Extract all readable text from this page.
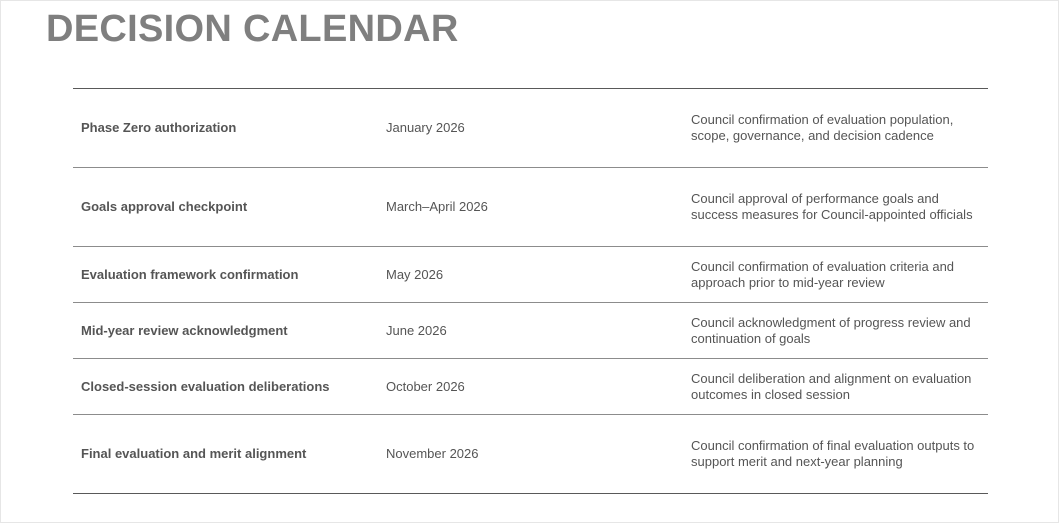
DECISION CALENDAR
Phase Zero authorization	January 2026
Council confirmation of evaluation population,
scope, governance, and decision cadence
Goals approval checkpoint	March–April 2026
Council approval of performance goals and
success measures for Council-appointed officials
Evaluation framework confirmation	May 2026
Council confirmation of evaluation criteria and
approach prior to mid-year review
Mid-year review acknowledgment	June 2026
Council acknowledgment of progress review and
continuation of goals
Closed-session evaluation deliberations	October 2026
Council deliberation and alignment on evaluation
outcomes in closed session
Final evaluation and merit alignment	November 2026
Council confirmation of final evaluation outputs to
support merit and next-year planning
